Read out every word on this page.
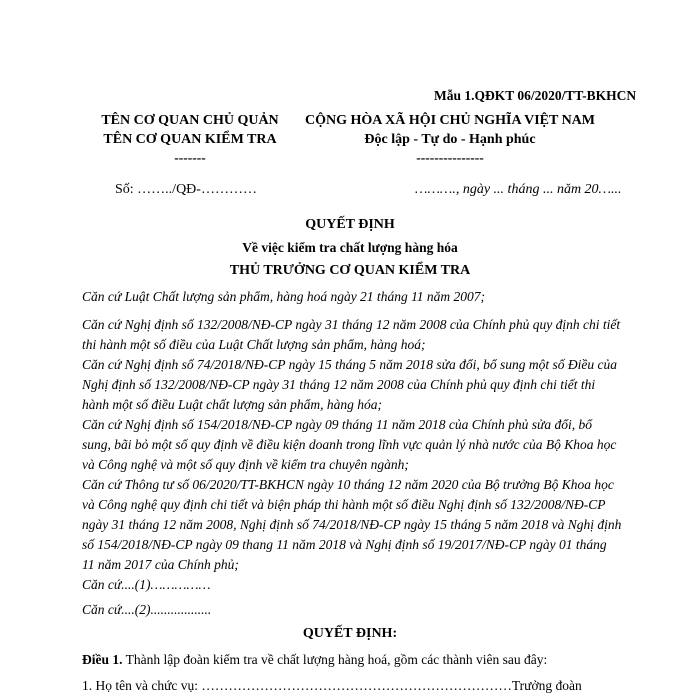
Mẫu 1.QĐKT 06/2020/TT-BKHCN
TÊN CƠ QUAN CHỦ QUẢN
TÊN CƠ QUAN KIỂM TRA
-------
CỘNG HÒA XÃ HỘI CHỦ NGHĨA VIỆT NAM
Độc lập - Tự do - Hạnh phúc
---------------
Số: ……../QĐ-…………	………., ngày ... tháng ... năm 20…...
QUYẾT ĐỊNH
Về việc kiểm tra chất lượng hàng hóa
THỦ TRƯỞNG CƠ QUAN KIỂM TRA
Căn cứ Luật Chất lượng sản phẩm, hàng hoá ngày 21 tháng 11 năm 2007;
Căn cứ Nghị định số 132/2008/NĐ-CP ngày 31 tháng 12 năm 2008 của Chính phủ quy định chi tiết thi hành một số điều của Luật Chất lượng sản phẩm, hàng hoá;
Căn cứ Nghị định số 74/2018/NĐ-CP ngày 15 tháng 5 năm 2018 sửa đổi, bổ sung một số Điều của Nghị định số 132/2008/NĐ-CP ngày 31 tháng 12 năm 2008 của Chính phủ quy định chi tiết thi hành một số điều Luật chất lượng sản phẩm, hàng hóa;
Căn cứ Nghị định số 154/2018/NĐ-CP ngày 09 tháng 11 năm 2018 của Chính phủ sửa đổi, bổ sung, bãi bỏ một số quy định về điều kiện doanh trong lĩnh vực quản lý nhà nước của Bộ Khoa học và Công nghệ và một số quy định về kiểm tra chuyên ngành;
Căn cứ Thông tư số 06/2020/TT-BKHCN ngày 10 tháng 12 năm 2020 của Bộ trưởng Bộ Khoa học và Công nghệ quy định chi tiết và biện pháp thi hành một số điều Nghị định số 132/2008/NĐ-CP ngày 31 tháng 12 năm 2008, Nghị định số 74/2018/NĐ-CP ngày 15 tháng 5 năm 2018 và Nghị định số 154/2018/NĐ-CP ngày 09 thang 11 năm 2018 và Nghị định số 19/2017/NĐ-CP ngày 01 tháng 11 năm 2017 của Chính phủ;
Căn cứ....(1)……………
Căn cứ....(2)..................
QUYẾT ĐỊNH:
Điều 1. Thành lập đoàn kiểm tra về chất lượng hàng hoá, gồm các thành viên sau đây:
1. Họ tên và chức vụ: ……………………………………………………………Trưởng đoàn
